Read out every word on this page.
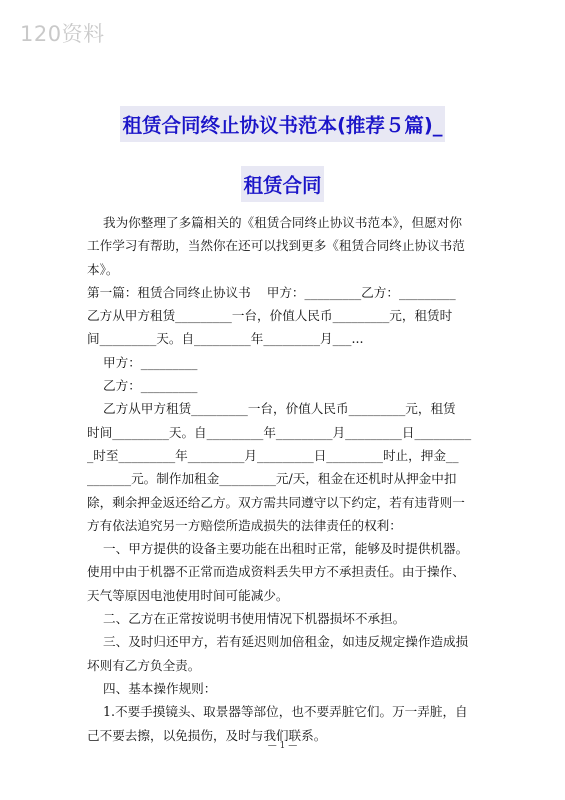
120资料
租赁合同终止协议书范本(推荐５篇)_
租赁合同
我为你整理了多篇相关的《租赁合同终止协议书范本》，但愿对你
工作学习有帮助，当然你在还可以找到更多《租赁合同终止协议书范
本》。
第一篇：租赁合同终止协议书    甲方：_________乙方：_________
乙方从甲方租赁_________一台，价值人民币_________元，租赁时
间_________天。自_________年_________月___...
甲方：_________
乙方：_________
乙方从甲方租赁_________一台，价值人民币_________元，租赁
时间_________天。自_________年_________月_________日_________
_时至_________年_________月_________日_________时止，押金__
_______元。制作加租金_________元/天，租金在还机时从押金中扣
除，剩余押金返还给乙方。双方需共同遵守以下约定，若有违背则一
方有依法追究另一方赔偿所造成损失的法律责任的权利：
一、甲方提供的设备主要功能在出租时正常，能够及时提供机器。
使用中由于机器不正常而造成资料丢失甲方不承担责任。由于操作、
天气等原因电池使用时间可能减少。
二、乙方在正常按说明书使用情况下机器损坏不承担。
三、及时归还甲方，若有延迟则加倍租金，如违反规定操作造成损
坏则有乙方负全责。
四、基本操作规则：
1.不要手摸镜头、取景器等部位，也不要弄脏它们。万一弄脏，自
己不要去擦，以免损伤，及时与我们联系。
— 1 —
